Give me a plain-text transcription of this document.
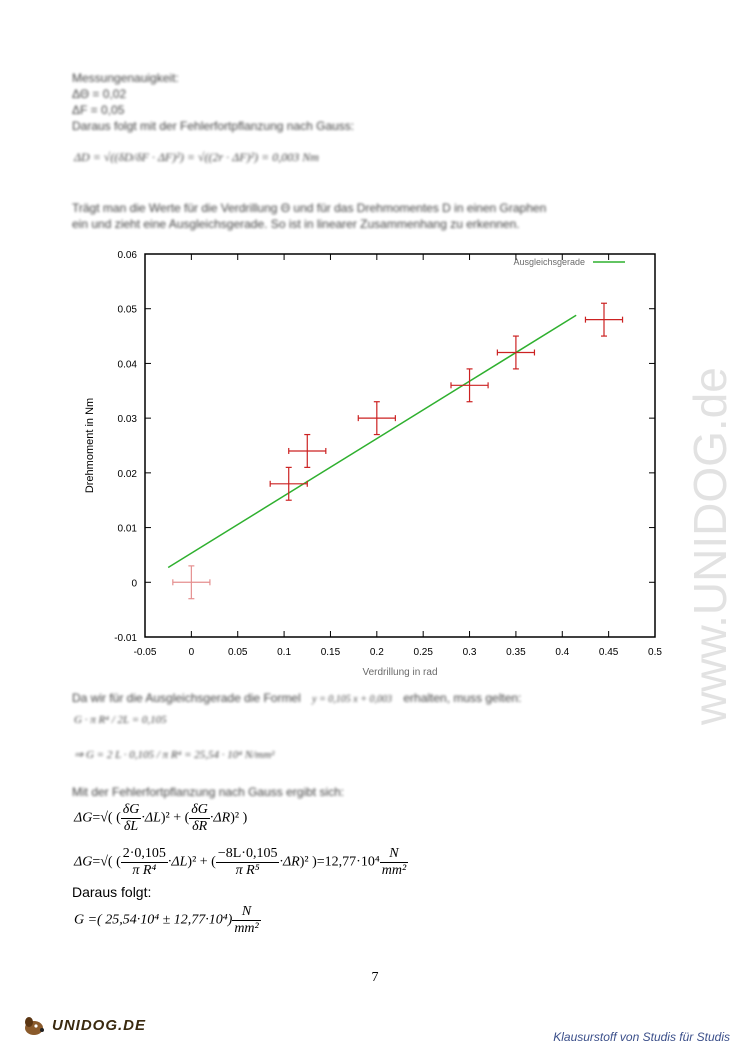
Messungenauigkeit:
ΔΘ = 0,02
ΔF = 0,05
Daraus folgt mit der Fehlerfortpflanzung nach Gauss:
ΔD = √((δD/δF · ΔF)²) = √((2r · ΔF)²) = 0,003 Nm
Trägt man die Werte für die Verdrillung Θ und für das Drehmomentes D in einen Graphen
ein und zieht eine Ausgleichsgerade. So ist in linearer Zusammenhang zu erkennen.
-0.05	0	0.05	0.1	0.15	0.2	0.25	0.3	0.35	0.4	0.45	0.5
-0.01
0
0.01
0.02
0.03
0.04
0.05
0.06
Verdrillung in rad
Drehmoment in Nm
Ausgleichsgerade
Da wir für die Ausgleichsgerade die Formel y = 0,105 x + 0,003 erhalten, muss gelten:
G · π R⁴ / 2L = 0,105
⇒ G = 2 L · 0,105 / π R⁴ = 25,54 · 10⁴ N/mm²
Mit der Fehlerfortpflanzung nach Gauss ergibt sich:
ΔG=√( ( $\frac{\delta G}{\delta L} \cdot\Delta L)^2$ + ( $\frac{\delta G}{\delta R} \cdot\Delta R)^2$ )
ΔG=√( ( $\frac{2\cdot 0,105}{\text{π R⁴}} \cdot\Delta L)^2$ + ( $\frac{-8L\cdot 0,105}{\text{π R⁵}} \cdot\Delta R)^2$ )$=12,77\cdot 10^4 \frac{N}{\text{mm²}}$
Daraus folgt:
G =( $25,54\cdot 10^4 \pm 12,77\cdot 10^4) \frac{N}{\text{mm²}}$
www.UNIDOG.de
7
UNIDOG.DE
Klausurstoff von Studis für Studis
